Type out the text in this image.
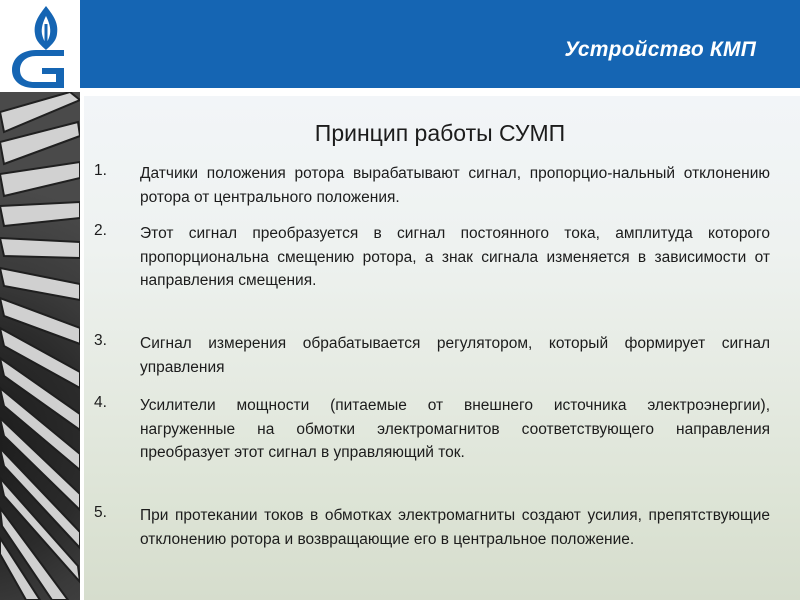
Устройство КМП
Принцип работы СУМП
1.	Датчики положения ротора вырабатывают сигнал, пропорцио-нальный отклонению ротора от центрального положения.
2.	Этот сигнал преобразуется в сигнал постоянного тока, амплитуда которого пропорциональна смещению ротора, а знак сигнала изменяется в зависимости от направления смещения.
3.	Сигнал измерения обрабатывается регулятором, который формирует сигнал управления
4.	Усилители мощности (питаемые от внешнего источника электроэнергии), нагруженные на обмотки электромагнитов соответствующего направления преобразует этот сигнал в управляющий ток.
5.	При протекании токов в обмотках электромагниты создают усилия, препятствующие отклонению ротора и возвращающие его в центральное положение.
